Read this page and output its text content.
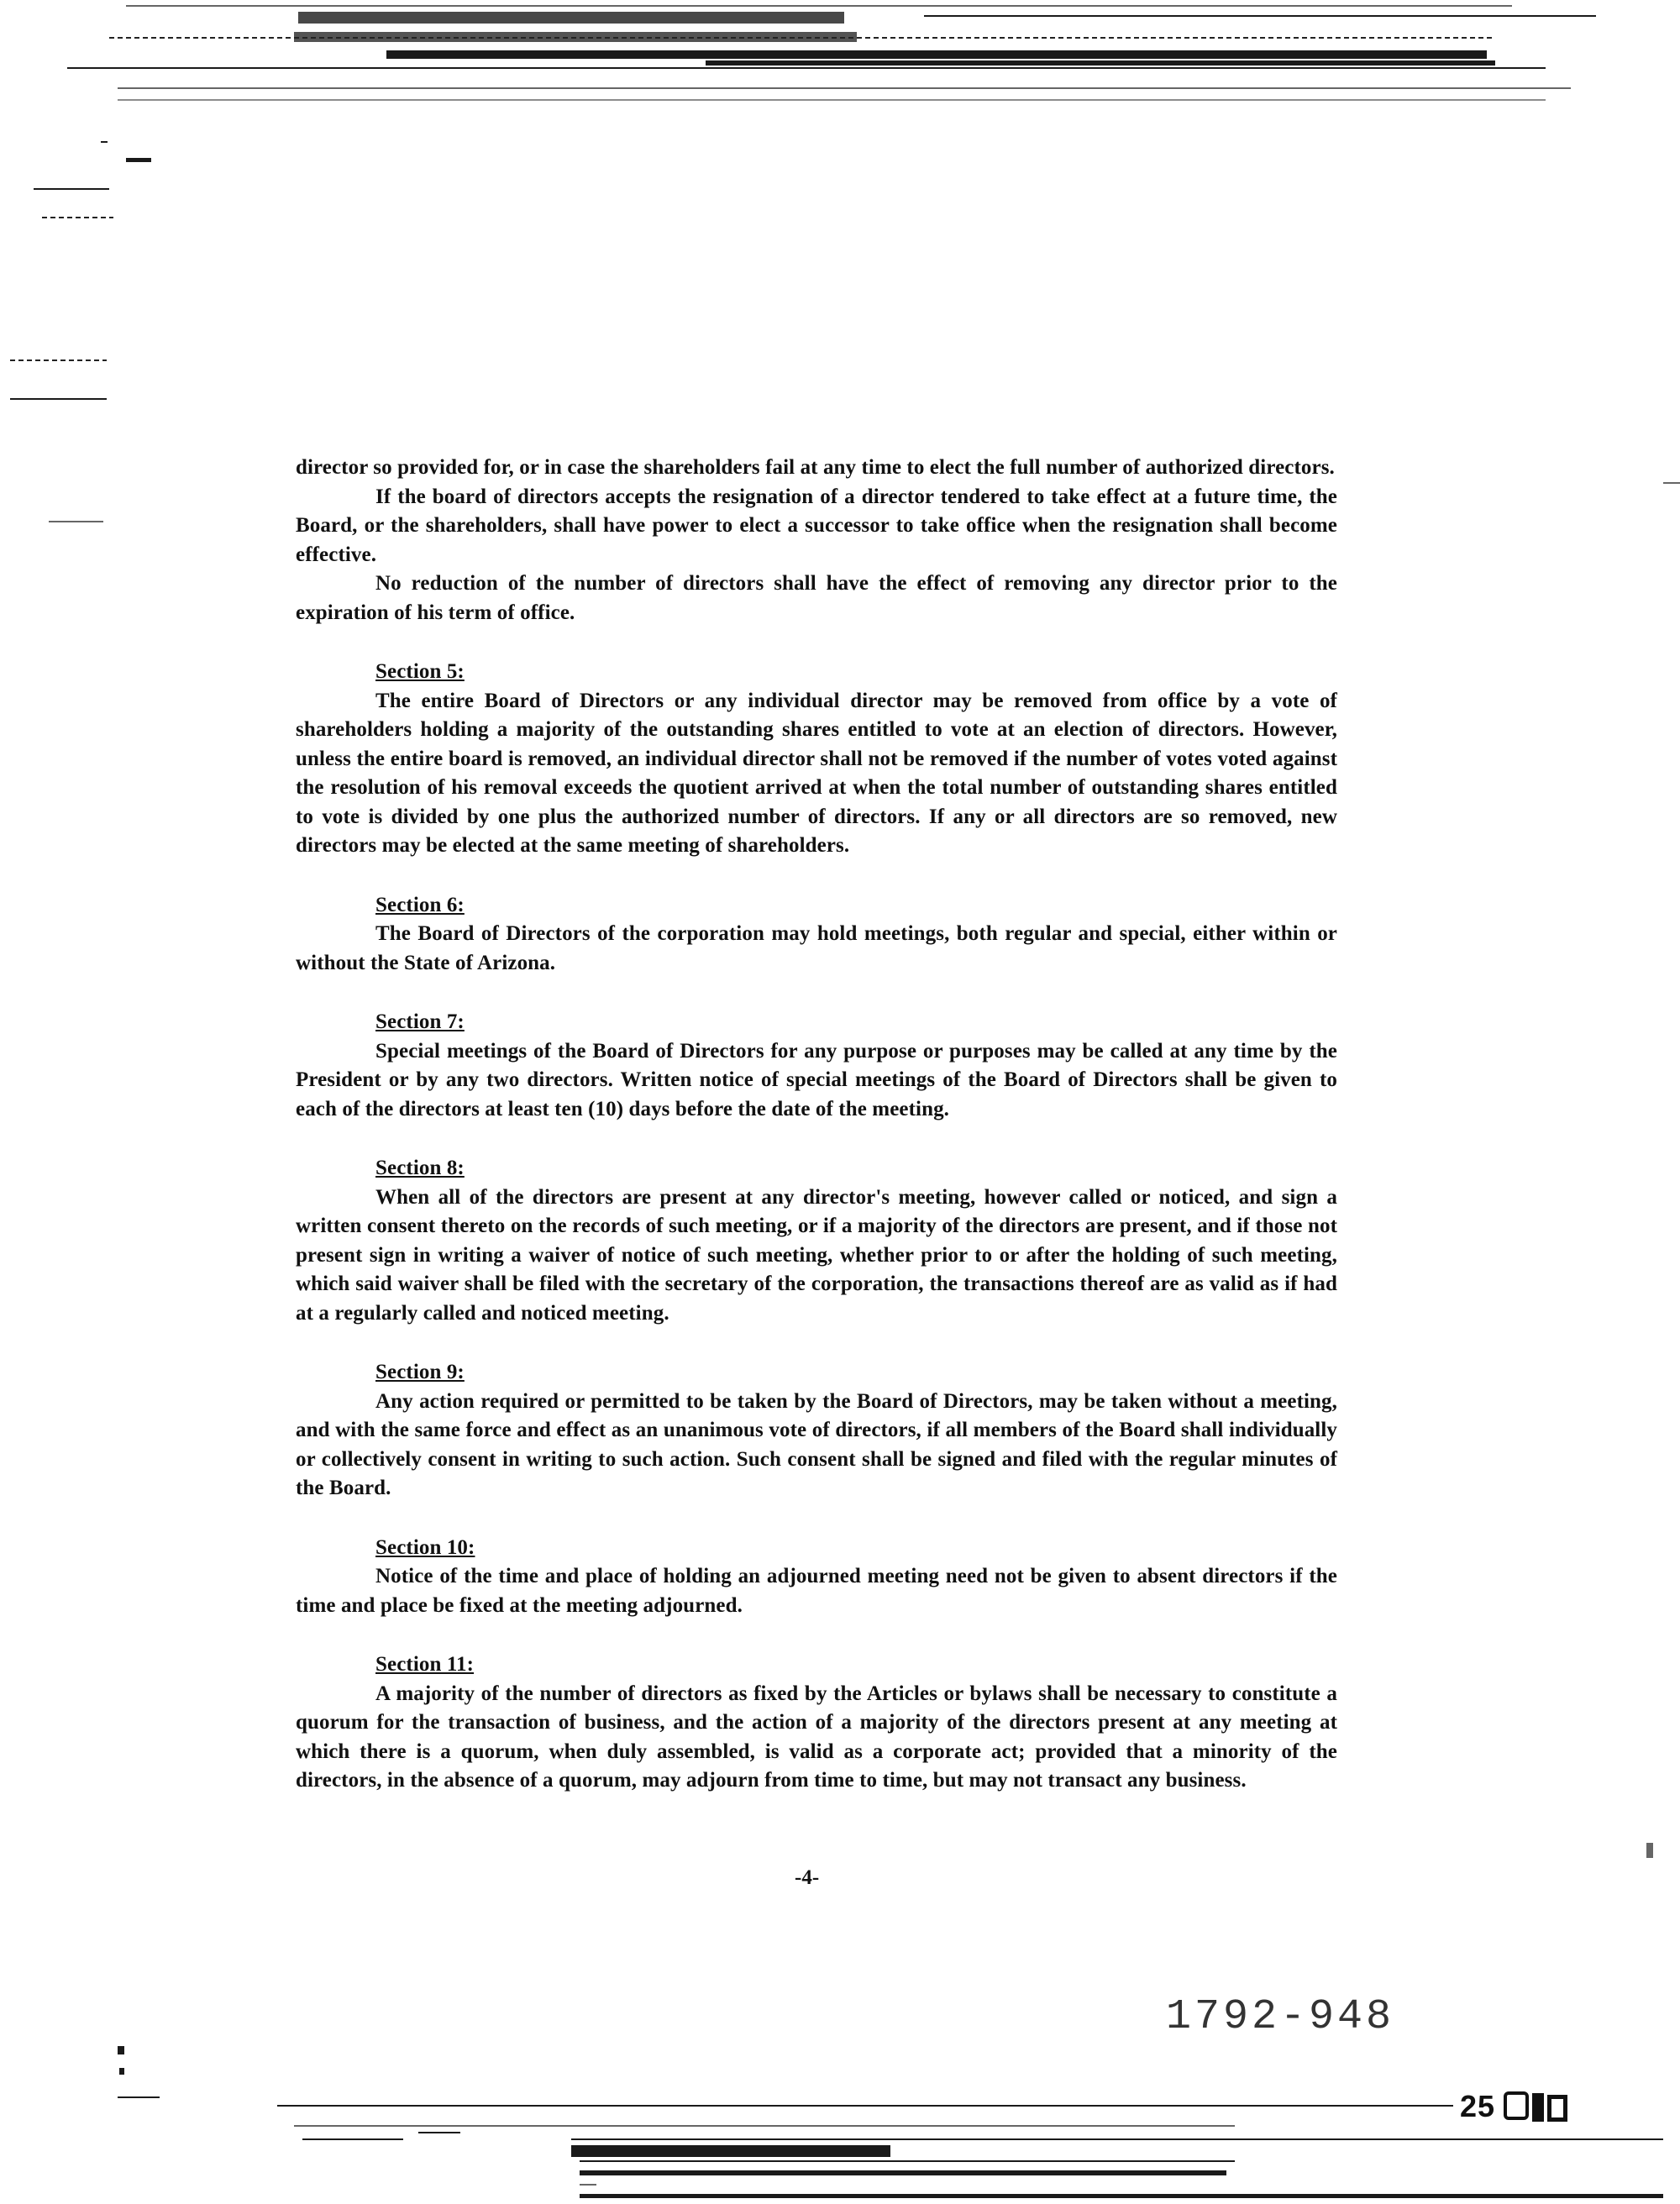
director so provided for, or in case the shareholders fail at any time to elect the full number of authorized directors.

If the board of directors accepts the resignation of a director tendered to take effect at a future time, the Board, or the shareholders, shall have power to elect a successor to take office when the resignation shall become effective.

No reduction of the number of directors shall have the effect of removing any director prior to the expiration of his term of office.

Section 5:

The entire Board of Directors or any individual director may be removed from office by a vote of shareholders holding a majority of the outstanding shares entitled to vote at an election of directors. However, unless the entire board is removed, an individual director shall not be removed if the number of votes voted against the resolution of his removal exceeds the quotient arrived at when the total number of outstanding shares entitled to vote is divided by one plus the authorized number of directors. If any or all directors are so removed, new directors may be elected at the same meeting of shareholders.

Section 6:

The Board of Directors of the corporation may hold meetings, both regular and special, either within or without the State of Arizona.

Section 7:

Special meetings of the Board of Directors for any purpose or purposes may be called at any time by the President or by any two directors. Written notice of special meetings of the Board of Directors shall be given to each of the directors at least ten (10) days before the date of the meeting.

Section 8:

When all of the directors are present at any director's meeting, however called or noticed, and sign a written consent thereto on the records of such meeting, or if a majority of the directors are present, and if those not present sign in writing a waiver of notice of such meeting, whether prior to or after the holding of such meeting, which said waiver shall be filed with the secretary of the corporation, the transactions thereof are as valid as if had at a regularly called and noticed meeting.

Section 9:

Any action required or permitted to be taken by the Board of Directors, may be taken without a meeting, and with the same force and effect as an unanimous vote of directors, if all members of the Board shall individually or collectively consent in writing to such action. Such consent shall be signed and filed with the regular minutes of the Board.

Section 10:

Notice of the time and place of holding an adjourned meeting need not be given to absent directors if the time and place be fixed at the meeting adjourned.

Section 11:

A majority of the number of directors as fixed by the Articles or bylaws shall be necessary to constitute a quorum for the transaction of business, and the action of a majority of the directors present at any meeting at which there is a quorum, when duly assembled, is valid as a corporate act; provided that a minority of the directors, in the absence of a quorum, may adjourn from time to time, but may not transact any business.

-4-
1792-948
25
